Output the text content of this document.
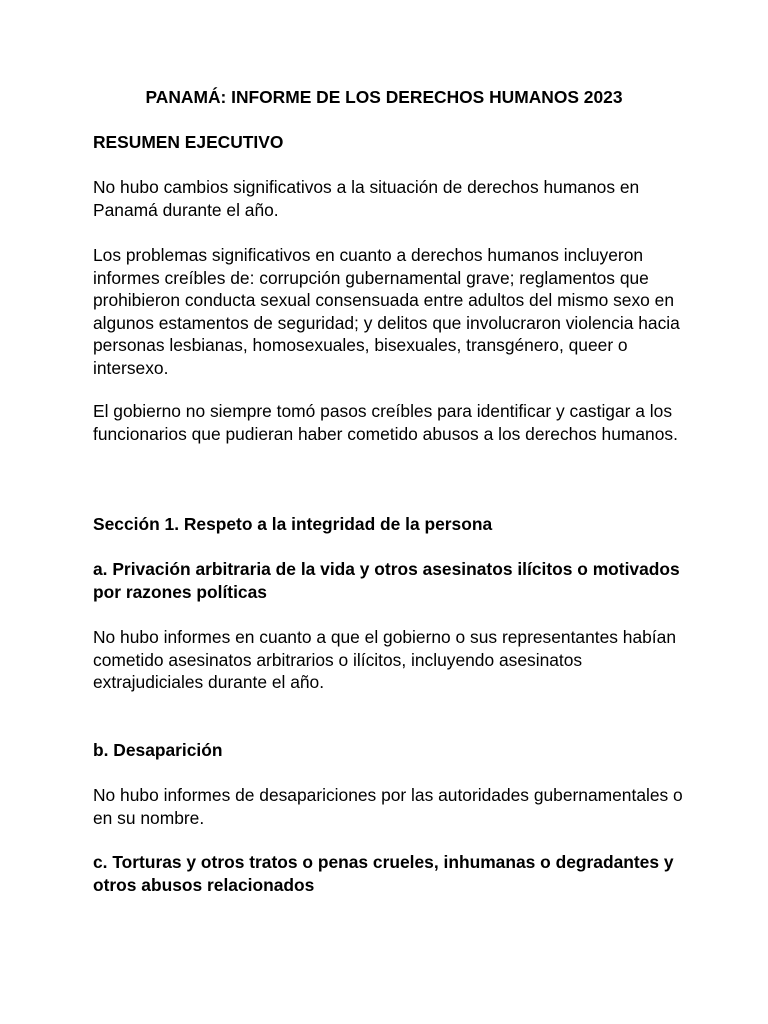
PANAMÁ: INFORME DE LOS DERECHOS HUMANOS 2023

RESUMEN EJECUTIVO

No hubo cambios significativos a la situación de derechos humanos en Panamá durante el año.

Los problemas significativos en cuanto a derechos humanos incluyeron informes creíbles de: corrupción gubernamental grave; reglamentos que prohibieron conducta sexual consensuada entre adultos del mismo sexo en algunos estamentos de seguridad; y delitos que involucraron violencia hacia personas lesbianas, homosexuales, bisexuales, transgénero, queer o intersexo.

El gobierno no siempre tomó pasos creíbles para identificar y castigar a los funcionarios que pudieran haber cometido abusos a los derechos humanos.

Sección 1. Respeto a la integridad de la persona

a. Privación arbitraria de la vida y otros asesinatos ilícitos o motivados por razones políticas

No hubo informes en cuanto a que el gobierno o sus representantes habían cometido asesinatos arbitrarios o ilícitos, incluyendo asesinatos extrajudiciales durante el año.

b. Desaparición

No hubo informes de desapariciones por las autoridades gubernamentales o en su nombre.

c. Torturas y otros tratos o penas crueles, inhumanas o degradantes y otros abusos relacionados
